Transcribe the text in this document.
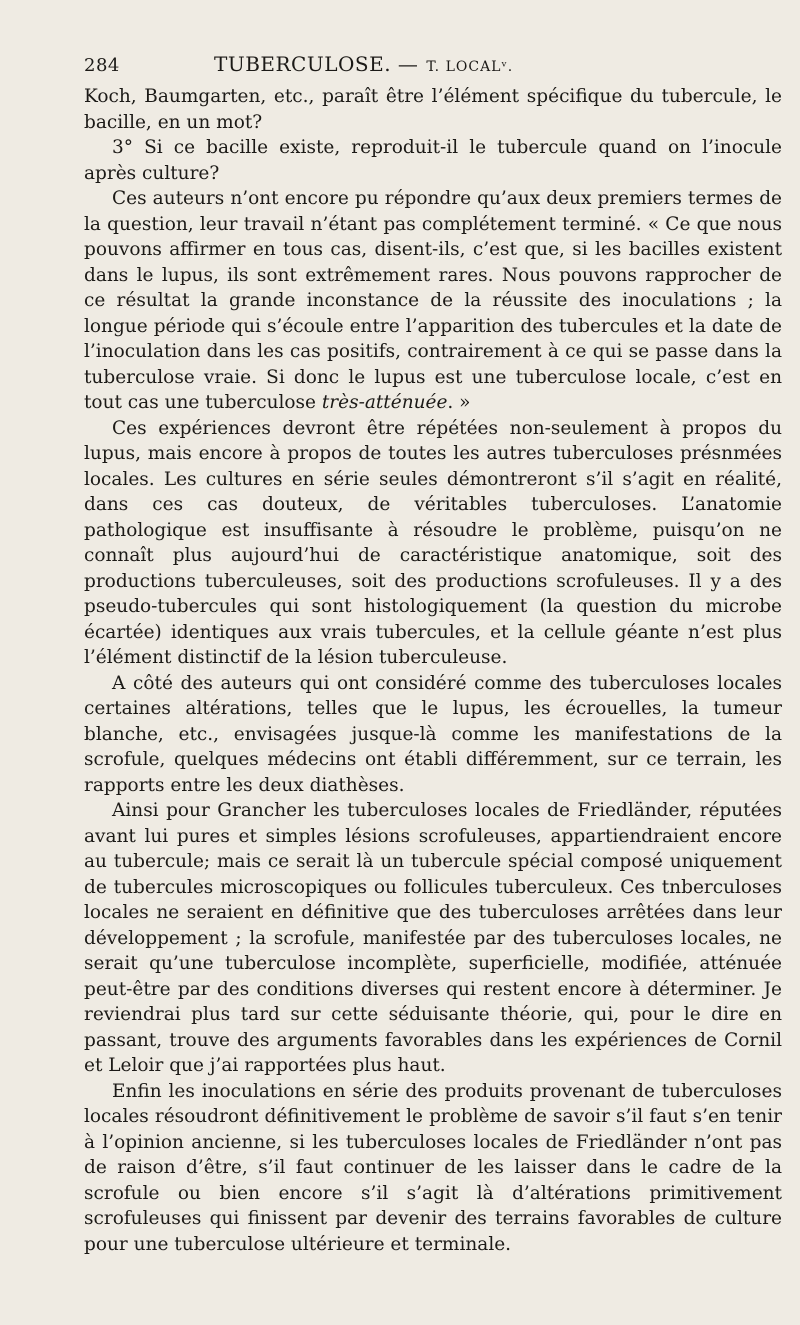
284	TUBERCULOSE. — T. LOCALᵛ.

Koch, Baumgarten, etc., paraît être l’élément spécifique du tubercule, le bacille, en un mot?

3° Si ce bacille existe, reproduit-il le tubercule quand on l’inocule après culture?

Ces auteurs n’ont encore pu répondre qu’aux deux premiers termes de la question, leur travail n’étant pas complétement terminé. « Ce que nous pouvons affirmer en tous cas, disent-ils, c’est que, si les bacilles existent dans le lupus, ils sont extrêmement rares. Nous pouvons rapprocher de ce résultat la grande inconstance de la réussite des inoculations ; la longue période qui s’écoule entre l’apparition des tubercules et la date de l’inoculation dans les cas positifs, contrairement à ce qui se passe dans la tuberculose vraie. Si donc le lupus est une tuberculose locale, c’est en tout cas une tuberculose très-atténuée. »

Ces expériences devront être répétées non-seulement à propos du lupus, mais encore à propos de toutes les autres tuberculoses présnmées locales. Les cultures en série seules démontreront s’il s’agit en réalité, dans ces cas douteux, de véritables tuberculoses. L’anatomie pathologique est insuffisante à résoudre le problème, puisqu’on ne connaît plus aujourd’hui de caractéristique anatomique, soit des productions tuberculeuses, soit des productions scrofuleuses. Il y a des pseudo-tubercules qui sont histologiquement (la question du microbe écartée) identiques aux vrais tubercules, et la cellule géante n’est plus l’élément distinctif de la lésion tuberculeuse.

A côté des auteurs qui ont considéré comme des tuberculoses locales certaines altérations, telles que le lupus, les écrouelles, la tumeur blanche, etc., envisagées jusque-là comme les manifestations de la scrofule, quelques médecins ont établi différemment, sur ce terrain, les rapports entre les deux diathèses.

Ainsi pour Grancher les tuberculoses locales de Friedländer, réputées avant lui pures et simples lésions scrofuleuses, appartiendraient encore au tubercule; mais ce serait là un tubercule spécial composé uniquement de tubercules microscopiques ou follicules tuberculeux. Ces tnberculoses locales ne seraient en définitive que des tuberculoses arrêtées dans leur développement ; la scrofule, manifestée par des tuberculoses locales, ne serait qu’une tuberculose incomplète, superficielle, modifiée, atténuée peut-être par des conditions diverses qui restent encore à déterminer. Je reviendrai plus tard sur cette séduisante théorie, qui, pour le dire en passant, trouve des arguments favorables dans les expériences de Cornil et Leloir que j’ai rapportées plus haut.

Enfin les inoculations en série des produits provenant de tuberculoses locales résoudront définitivement le problème de savoir s’il faut s’en tenir à l’opinion ancienne, si les tuberculoses locales de Friedländer n’ont pas de raison d’être, s’il faut continuer de les laisser dans le cadre de la scrofule ou bien encore s’il s’agit là d’altérations primitivement scrofuleuses qui finissent par devenir des terrains favorables de culture pour une tuberculose ultérieure et terminale.
